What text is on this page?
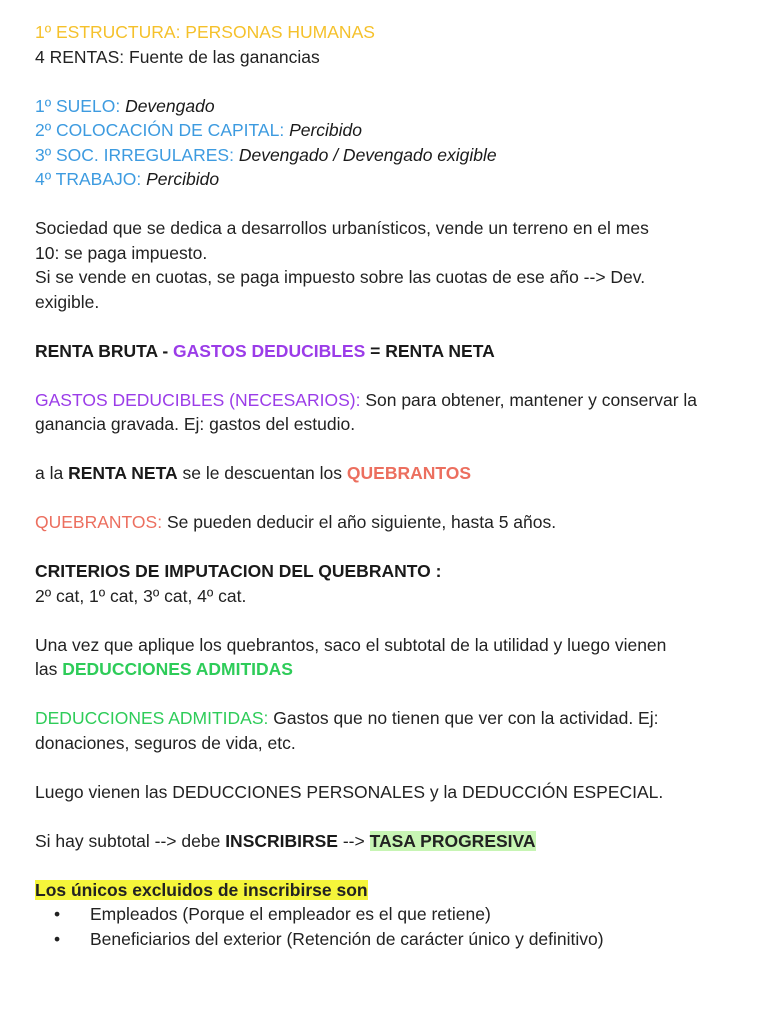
1º ESTRUCTURA: PERSONAS HUMANAS

4 RENTAS: Fuente de las ganancias

1º SUELO: Devengado

2º COLOCACIÓN DE CAPITAL: Percibido

3º SOC. IRREGULARES: Devengado / Devengado exigible

4º TRABAJO: Percibido

Sociedad que se dedica a desarrollos urbanísticos, vende un terreno en el mes

10: se paga impuesto.

Si se vende en cuotas, se paga impuesto sobre las cuotas de ese año --> Dev.

exigible.

RENTA BRUTA - GASTOS DEDUCIBLES = RENTA NETA

GASTOS DEDUCIBLES (NECESARIOS): Son para obtener, mantener y conservar la

ganancia gravada. Ej: gastos del estudio.

a la RENTA NETA se le descuentan los QUEBRANTOS

QUEBRANTOS: Se pueden deducir el año siguiente, hasta 5 años.

CRITERIOS DE IMPUTACION DEL QUEBRANTO :

2º cat, 1º cat, 3º cat, 4º cat.

Una vez que aplique los quebrantos, saco el subtotal de la utilidad y luego vienen

las DEDUCCIONES ADMITIDAS

DEDUCCIONES ADMITIDAS: Gastos que no tienen que ver con la actividad. Ej:

donaciones, seguros de vida, etc.

Luego vienen las DEDUCCIONES PERSONALES y la DEDUCCIÓN ESPECIAL.

Si hay subtotal --> debe INSCRIBIRSE --> TASA PROGRESIVA

Los únicos excluidos de inscribirse son

• Empleados (Porque el empleador es el que retiene)
• Beneficiarios del exterior (Retención de carácter único y definitivo)
